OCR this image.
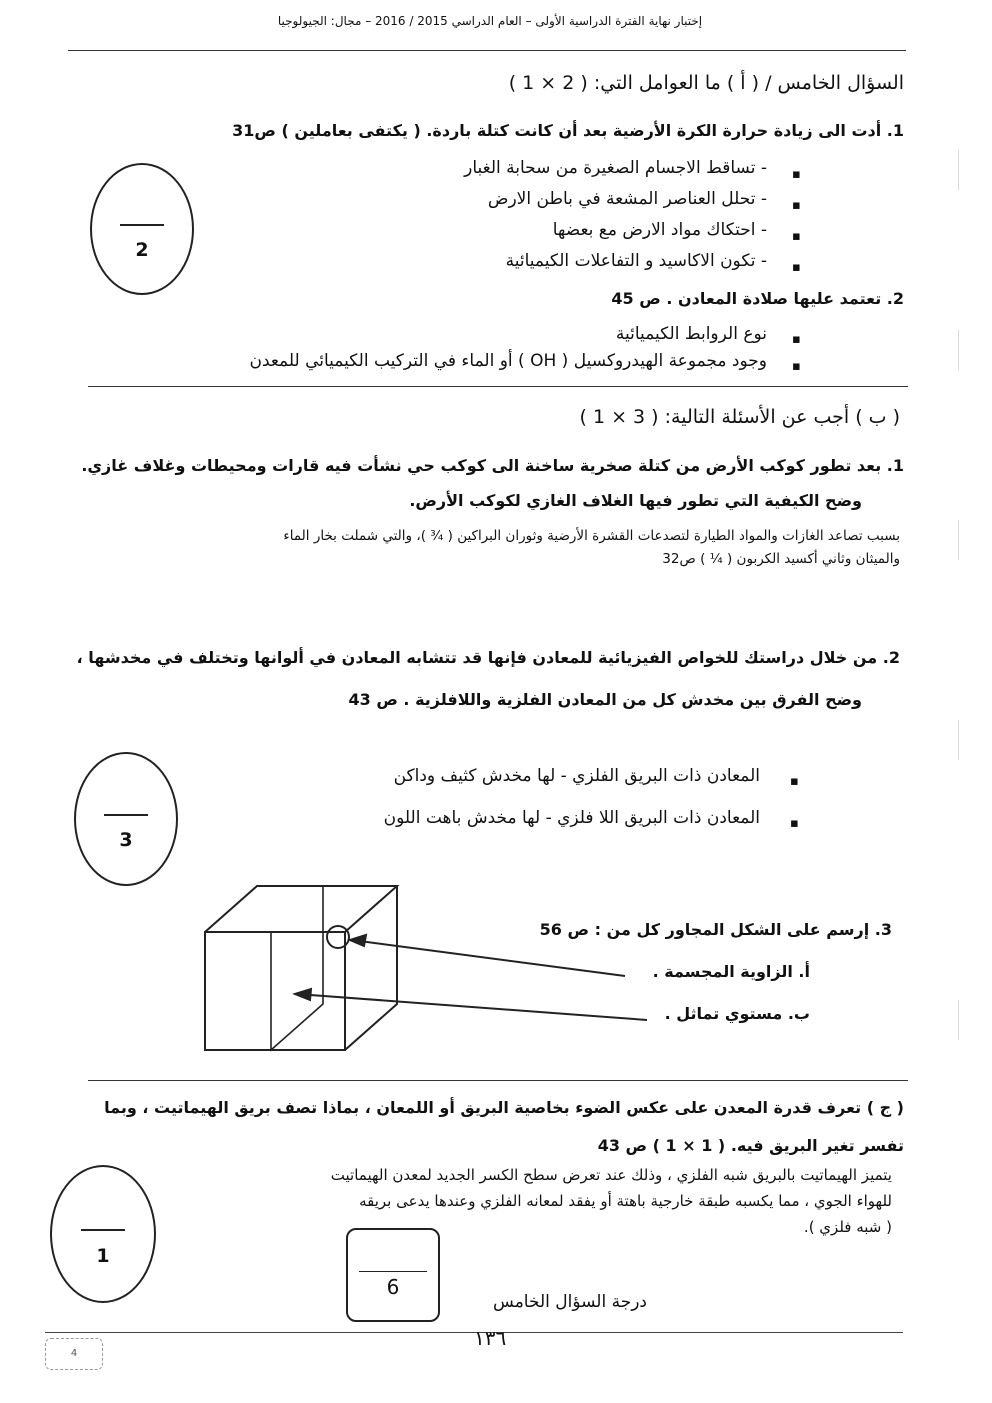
إختبار نهاية الفترة الدراسية الأولى – العام الدراسي 2015 / 2016 – مجال: الجيولوجيا
السؤال الخامس / ( أ ) ما العوامل التي: ( 2 × 1 )
1. أدت الى زيادة حرارة الكرة الأرضية بعد أن كانت كتلة باردة. ( يكتفى بعاملين ) ص31
- تساقط الاجسام الصغيرة من سحابة الغبار
- تحلل العناصر المشعة في باطن الارض
- احتكاك مواد الارض مع بعضها
- تكون الاكاسيد و التفاعلات الكيميائية
▪
▪
▪
▪
2
2. تعتمد عليها صلادة المعادن . ص 45
نوع الروابط الكيميائية
وجود مجموعة الهيدروكسيل ( OH ) أو الماء في التركيب الكيميائي للمعدن
▪
▪
( ب ) أجب عن الأسئلة التالية: ( 3 × 1 )
1. بعد تطور كوكب الأرض من كتلة صخرية ساخنة الى كوكب حي نشأت فيه قارات ومحيطات وغلاف غازي.
وضح الكيفية التي تطور فيها الغلاف الغازي لكوكب الأرض.
بسبب تصاعد الغازات والمواد الطيارة لتصدعات القشرة الأرضية وثوران البراكين ( ¾ )، والتي شملت بخار الماء
والميثان وثاني أكسيد الكربون ( ¼ ) ص32
2. من خلال دراستك للخواص الفيزيائية للمعادن فإنها قد تتشابه المعادن في ألوانها وتختلف في مخدشها ،
وضح الفرق بين مخدش كل من المعادن الفلزية واللافلزية . ص 43
المعادن ذات البريق الفلزي - لها مخدش كثيف وداكن
المعادن ذات البريق اللا فلزي - لها مخدش باهت اللون
▪
▪
3
3. إرسم على الشكل المجاور كل من : ص 56
أ. الزاوية المجسمة .
ب. مستوي تماثل .
( ج ) تعرف قدرة المعدن على عكس الضوء بخاصية البريق أو اللمعان ، بماذا تصف بريق الهيماتيت ، وبما
تفسر تغير البريق فيه. ( 1 × 1 ) ص 43
يتميز الهيماتيت بالبريق شبه الفلزي ، وذلك عند تعرض سطح الكسر الجديد لمعدن الهيماتيت
للهواء الجوي ، مما يكسبه طبقة خارجية باهتة أو يفقد لمعانه الفلزي وعندها يدعى بريقه
( شبه فلزي ).
1
6
درجة السؤال الخامس
١٣٦
4
